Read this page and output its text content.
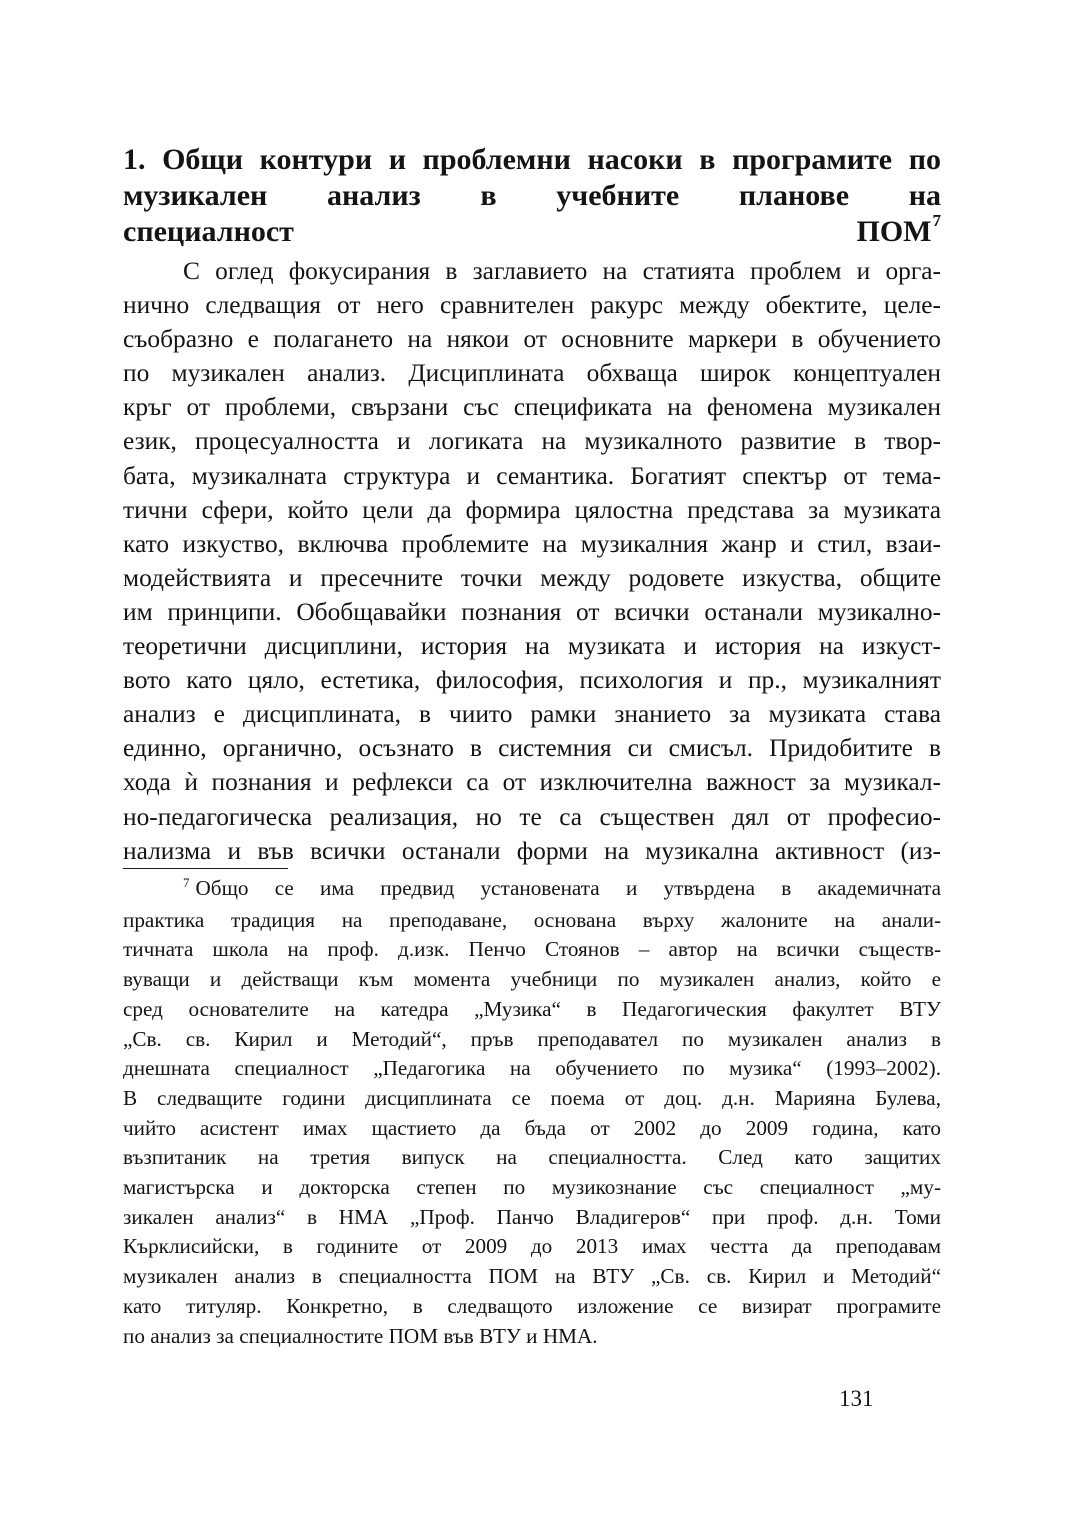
1. Общи контури и проблемни насоки в програмите по
музикален анализ в учебните планове на
специалност ПОМ$^7$
С оглед фокусирания в заглавието на статията проблем и орга-
нично следващия от него сравнителен ракурс между обектите, целе-
съобразно е полагането на някои от основните маркери в обучението
по музикален анализ. Дисциплината обхваща широк концептуален
кръг от проблеми, свързани със спецификата на феномена музикален
език, процесуалността и логиката на музикалното развитие в твор-
бата, музикалната структура и семантика. Богатият спектър от тема-
тични сфери, който цели да формира цялостна представа за музиката
като изкуство, включва проблемите на музикалния жанр и стил, взаи-
модействията и пресечните точки между родовете изкуства, общите
им принципи. Обобщавайки познания от всички останали музикално-
теоретични дисциплини, история на музиката и история на изкуст-
вото като цяло, естетика, философия, психология и пр., музикалният
анализ е дисциплината, в чиито рамки знанието за музиката става
единно, органично, осъзнато в системния си смисъл. Придобитите в
хода ѝ познания и рефлекси са от изключителна важност за музикал-
но-педагогическа реализация, но те са съществен дял от професио-
нализма и във всички останали форми на музикална активност (из-
$^7$ Общо се има предвид установената и утвърдена в академичната
практика традиция на преподаване, основана върху жалоните на анали-
тичната школа на проф. д.изк. Пенчо Стоянов – автор на всички съществ-
вуващи и действащи към момента учебници по музикален анализ, който е
сред основателите на катедра „Музика“ в Педагогическия факултет ВТУ
„Св. св. Кирил и Методий“, пръв преподавател по музикален анализ в
днешната специалност „Педагогика на обучението по музика“ (1993–2002).
В следващите години дисциплината се поема от доц. д.н. Марияна Булева,
чийто асистент имах щастието да бъда от 2002 до 2009 година, като
възпитаник на третия випуск на специалността. След като защитих
магистърска и докторска степен по музикознание със специалност „му-
зикален анализ“ в НМА „Проф. Панчо Владигеров“ при проф. д.н. Томи
Кърклисийски, в годините от 2009 до 2013 имах честта да преподавам
музикален анализ в специалността ПОМ на ВТУ „Св. св. Кирил и Методий“
като титуляр. Конкретно, в следващото изложение се визират програмите
по анализ за специалностите ПОМ във ВТУ и НМА.
131
